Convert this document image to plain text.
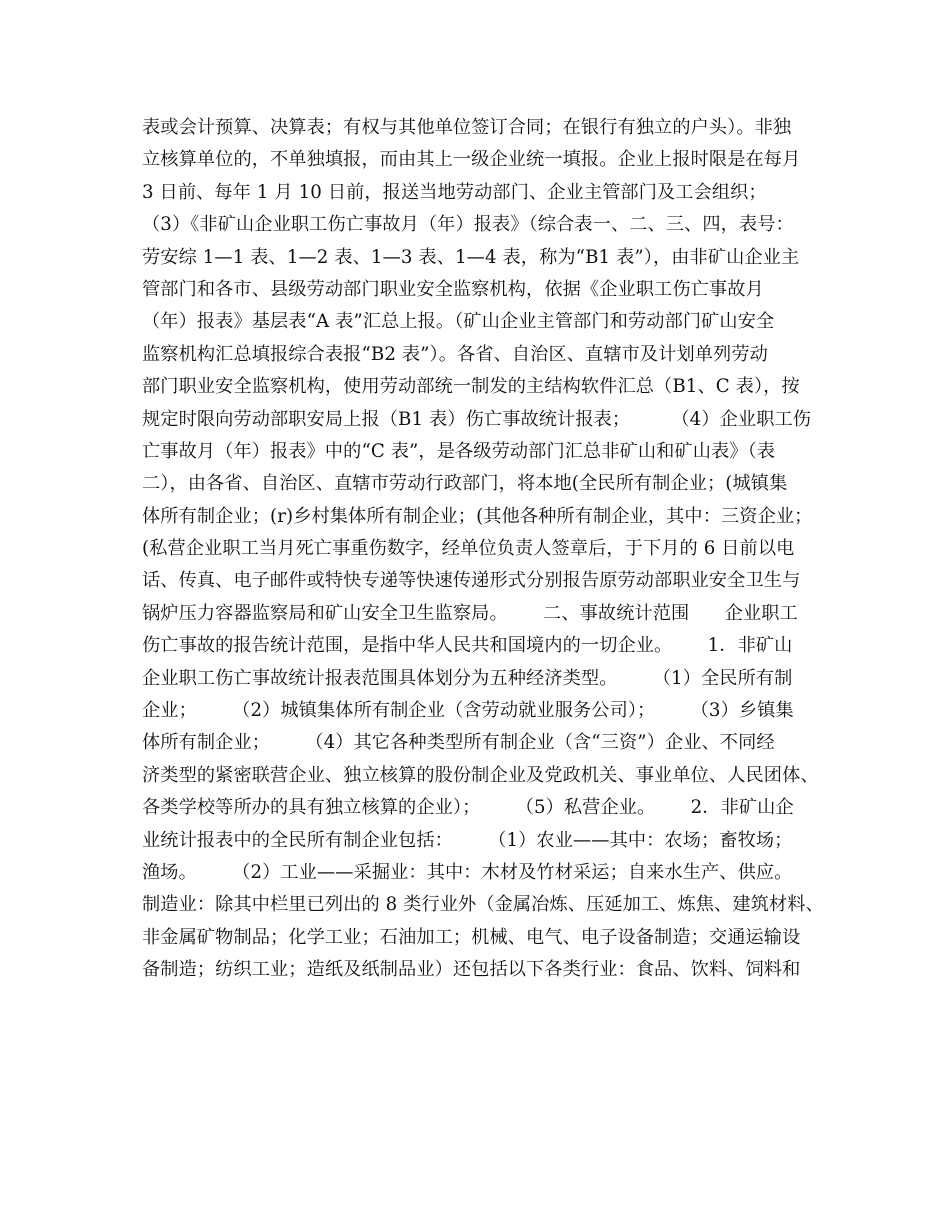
表或会计预算、决算表；有权与其他单位签订合同；在银行有独立的户头）。非独
立核算单位的，不单独填报，而由其上一级企业统一填报。企业上报时限是在每月
3 日前、每年 1 月 10 日前，报送当地劳动部门、企业主管部门及工会组织；
（3）《非矿山企业职工伤亡事故月（年）报表》（综合表一、二、三、四，表号：
劳安综 1—1 表、1—2 表、1—3 表、1—4 表，称为“B1 表”），由非矿山企业主
管部门和各市、县级劳动部门职业安全监察机构，依据《企业职工伤亡事故月
（年）报表》基层表“A 表”汇总上报。（矿山企业主管部门和劳动部门矿山安全
监察机构汇总填报综合表报“B2 表”）。各省、自治区、直辖市及计划单列劳动
部门职业安全监察机构，使用劳动部统一制发的主结构软件汇总（B1、C 表），按
规定时限向劳动部职安局上报（B1 表）伤亡事故统计报表；       （4）企业职工伤
亡事故月（年）报表》中的“C 表”，是各级劳动部门汇总非矿山和矿山表》（表
二），由各省、自治区、直辖市劳动行政部门，将本地(全民所有制企业；(城镇集
体所有制企业；(r)乡村集体所有制企业；(其他各种所有制企业，其中：三资企业；
(私营企业职工当月死亡事重伤数字，经单位负责人签章后，于下月的 6 日前以电
话、传真、电子邮件或特快专递等快速传递形式分别报告原劳动部职业安全卫生与
锅炉压力容器监察局和矿山安全卫生监察局。      二、事故统计范围      企业职工
伤亡事故的报告统计范围，是指中华人民共和国境内的一切企业。      1．非矿山
企业职工伤亡事故统计报表范围具体划分为五种经济类型。      （1）全民所有制
企业；      （2）城镇集体所有制企业（含劳动就业服务公司）；      （3）乡镇集
体所有制企业；      （4）其它各种类型所有制企业（含“三资”）企业、不同经
济类型的紧密联营企业、独立核算的股份制企业及党政机关、事业单位、人民团体、
各类学校等所办的具有独立核算的企业）；      （5）私营企业。      2．非矿山企
业统计报表中的全民所有制企业包括：      （1）农业——其中：农场；畜牧场；
渔场。      （2）工业——采掘业：其中：木材及竹材采运；自来水生产、供应。
制造业：除其中栏里已列出的 8 类行业外（金属冶炼、压延加工、炼焦、建筑材料、
非金属矿物制品；化学工业；石油加工；机械、电气、电子设备制造；交通运输设
备制造；纺织工业；造纸及纸制品业）还包括以下各类行业：食品、饮料、饲料和
